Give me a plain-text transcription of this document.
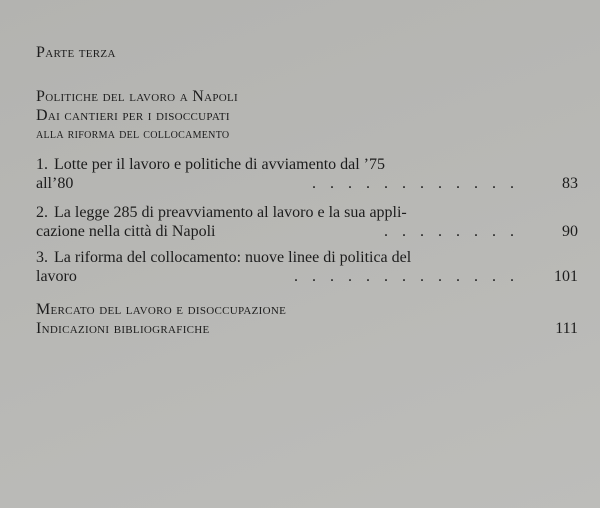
Parte terza
Politiche del lavoro a Napoli
Dai cantieri per i disoccupati
alla riforma del collocamento
1. Lotte per il lavoro e politiche di avviamento dal ’75
all’80	............	83
2. La legge 285 di preavviamento al lavoro e la sua appli-
cazione nella città di Napoli	........	90
3. La riforma del collocamento: nuove linee di politica del
lavoro	.............	101
Mercato del lavoro e disoccupazione
Indicazioni bibliografiche	111
